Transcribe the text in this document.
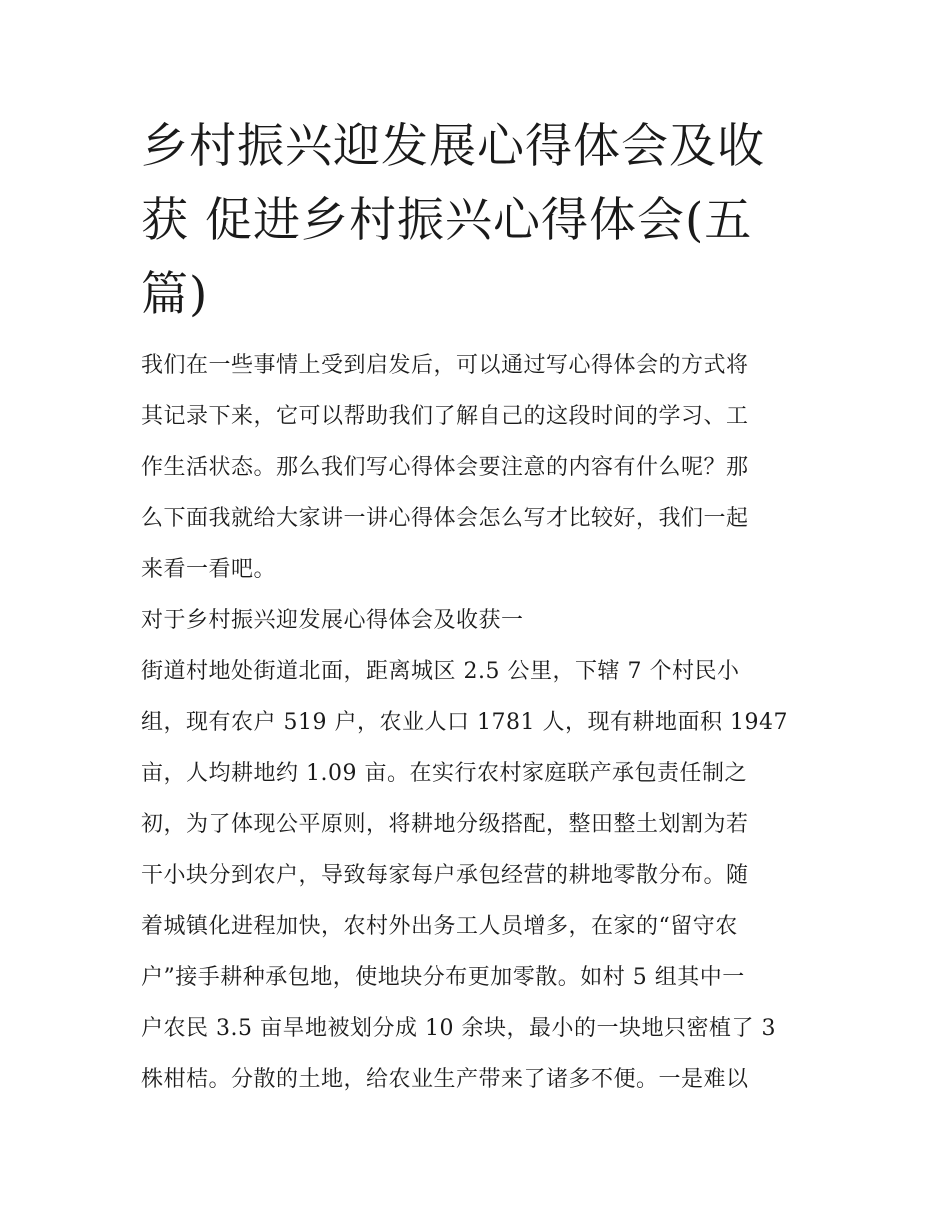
乡村振兴迎发展心得体会及收
获 促进乡村振兴心得体会(五
篇)
我们在一些事情上受到启发后，可以通过写心得体会的方式将
其记录下来，它可以帮助我们了解自己的这段时间的学习、工
作生活状态。那么我们写心得体会要注意的内容有什么呢？那
么下面我就给大家讲一讲心得体会怎么写才比较好，我们一起
来看一看吧。
对于乡村振兴迎发展心得体会及收获一
街道村地处街道北面，距离城区 2.5 公里，下辖 7 个村民小
组，现有农户 519 户，农业人口 1781 人，现有耕地面积 1947
亩，人均耕地约 1.09 亩。在实行农村家庭联产承包责任制之
初，为了体现公平原则，将耕地分级搭配，整田整土划割为若
干小块分到农户，导致每家每户承包经营的耕地零散分布。随
着城镇化进程加快，农村外出务工人员增多，在家的“留守农
户”接手耕种承包地，使地块分布更加零散。如村 5 组其中一
户农民 3.5 亩旱地被划分成 10 余块，最小的一块地只密植了 3
株柑桔。分散的土地，给农业生产带来了诸多不便。一是难以
